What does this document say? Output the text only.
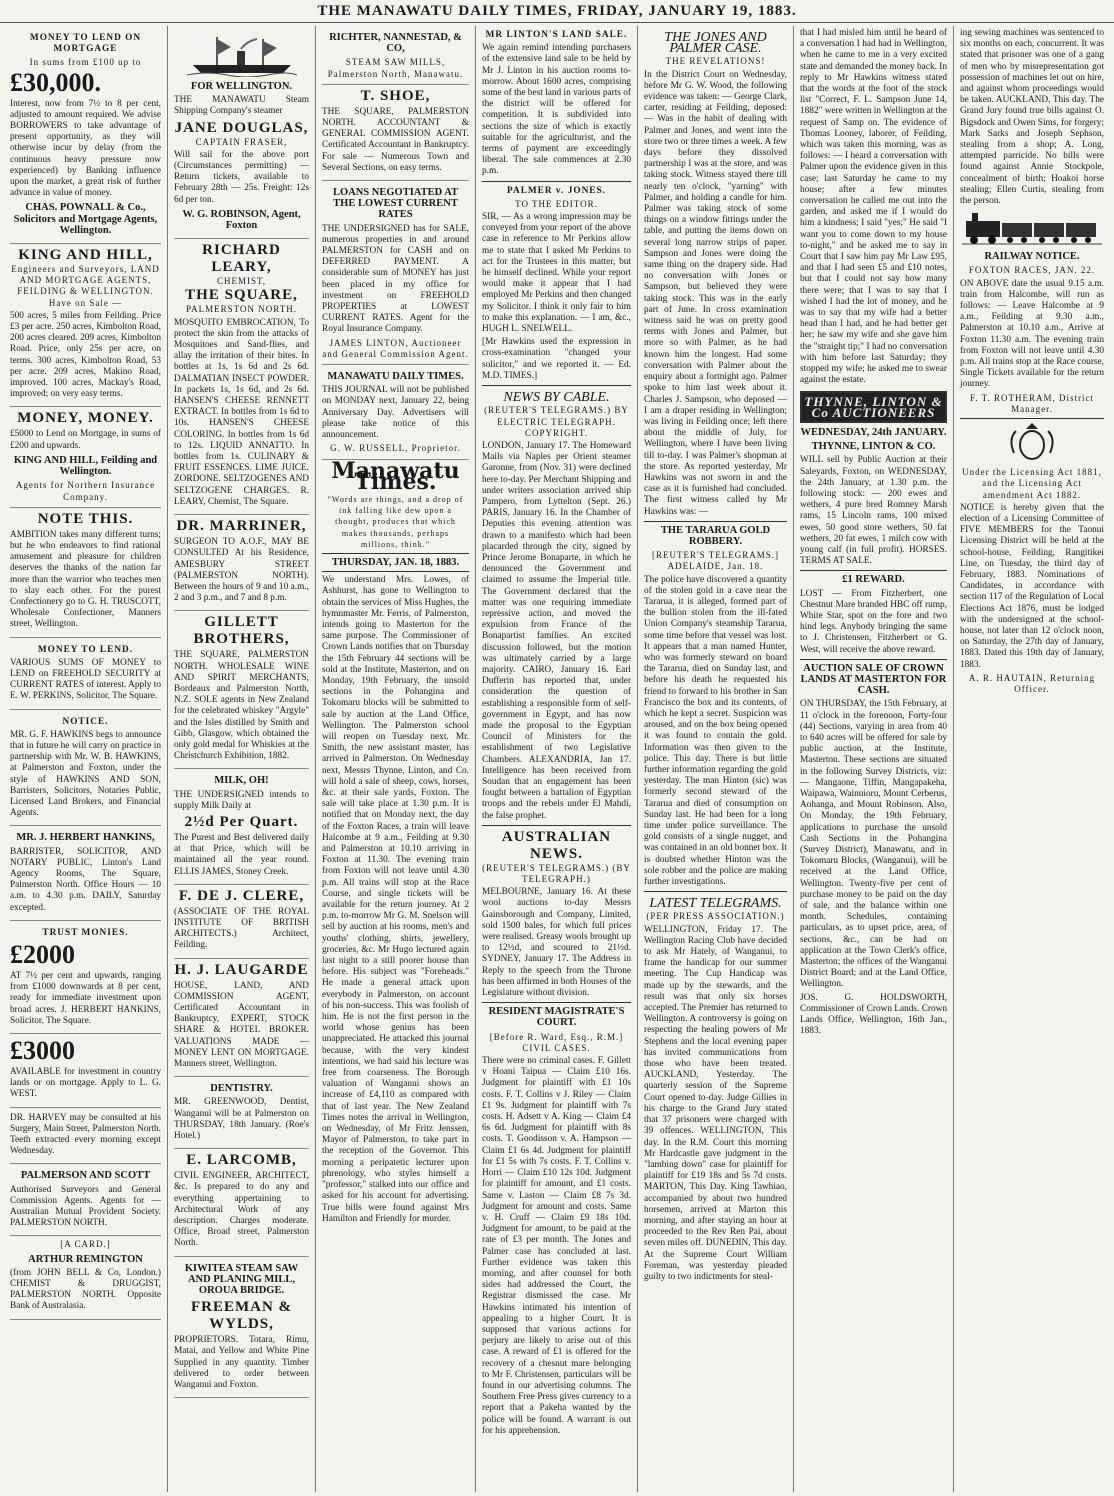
THE MANAWATU DAILY TIMES, FRIDAY, JANUARY 19, 1883.
MONEY TO LEND ON MORTGAGE
In sums from £100 up to
£30,000.

Interest, now from 7½ to 8 per cent, adjusted to amount required. We advise BORROWERS to take advantage of present opportunity, as they will otherwise incur by delay (from the continuous heavy pressure now experienced) by Banking influence upon the market, a great risk of further advance in value of money.

CHAS. POWNALL & Co., Solicitors and Mortgage Agents, Wellington.
KING AND HILL,
Engineers and Surveyors, LAND AND MORTGAGE AGENTS, FEILDING & WELLINGTON. Have on Sale —

500 acres, 5 miles from Feilding. Price £3 per acre. 250 acres, Kimbolton Road, 200 acres cleared. 209 acres, Kimbolton Road. Price, only 25s per acre, on terms. 300 acres, Kimbolton Road, 53 per acre. 209 acres, Makino Road, improved. 100 acres, Mackay's Road, improved; on very easy terms.

MONEY, MONEY.

£5000 to Lend on Mortgage, in sums of £200 and upwards.

KING AND HILL, Feilding and Wellington.
Agents for Northern Insurance Company.
NOTE THIS.

AMBITION takes many different turns; but he who endeavors to find rational amusement and pleasure for children deserves the thanks of the nation far more than the warrior who teaches men to slay each other. For the purest Confectionery go to G. H. TRUSCOTT, Wholesale Confectioner, Manners street, Wellington.

MONEY TO LEND.

VARIOUS SUMS OF MONEY to LEND on FREEHOLD SECURITY at CURRENT RATES of interest. Apply to E. W. PERKINS, Solicitor, The Square.

NOTICE.

MR. G. F. HAWKINS begs to announce that in future he will carry on practice in partnership with Mr. W. B. HAWKINS, at Palmerston and Foxton, under the style of HAWKINS AND SON, Barristers, Solicitors, Notaries Public, Licensed Land Brokers, and Financial Agents.

MR. J. HERBERT HANKINS,

BARRISTER, SOLICITOR, AND NOTARY PUBLIC, Linton's Land Agency Rooms, The Square, Palmerston North. Office Hours — 10 a.m. to 4.30 p.m. DAILY, Saturday excepted.

TRUST MONIES.
£2000

AT 7½ per cent and upwards, ranging from £1000 downwards at 8 per cent, ready for immediate investment upon broad acres. J. HERBERT HANKINS, Solicitor, The Square.

£3000

AVAILABLE for investment in country lands or on mortgage. Apply to L. G. WEST.

DR. HARVEY may be consulted at his Surgery, Main Street, Palmerston North. Teeth extracted every morning except Wednesday.

PALMERSON AND SCOTT

Authorised Surveyors and General Commission Agents. Agents for — Australian Mutual Provident Society. PALMERSTON NORTH.

[A CARD.]
ARTHUR REMINGTON

(from JOHN BELL & Co, London.) CHEMIST & DRUGGIST, PALMERSTON NORTH. Opposite Bank of Australasia.

FOR WELLINGTON.

THE MANAWATU Steam Shipping Company's steamer

JANE DOUGLAS,
CAPTAIN FRASER,

Will sail for the above port (Circumstances permitting) — Return tickets, available to February 28th — 25s. Freight: 12s 6d per ton.

W. G. ROBINSON, Agent, Foxton
RICHARD LEARY,
CHEMIST,
THE SQUARE,
PALMERSTON NORTH.

MOSQUITO EMBROCATION, To protect the skin from the attacks of Mosquitoes and Sand-flies, and allay the irritation of their bites. In bottles at 1s, 1s 6d and 2s 6d. DALMATIAN INSECT POWDER. In packets 1s, 1s 6d, and 2s 6d. HANSEN'S CHEESE RENNETT EXTRACT. In bottles from 1s 6d to 10s. HANSEN'S CHEESE COLORING. In bottles from 1s 6d to 12s. LIQUID ANNATTO. In bottles from 1s. CULINARY & FRUIT ESSENCES. LIME JUICE. ZORDONE. SELTZOGENES AND SELTZOGENE CHARGES. R. LEARY, Chemist, The Square.

DR. MARRINER,

SURGEON TO A.O.F., MAY BE CONSULTED At his Residence, AMESBURY STREET (PALMERSTON NORTH). Between the hours of 9 and 10 a.m., 2 and 3 p.m., and 7 and 8 p.m.

GILLETT BROTHERS,

THE SQUARE, PALMERSTON NORTH. WHOLESALE WINE AND SPIRIT MERCHANTS, Bordeaux and Palmerston North, N.Z. SOLE agents in New Zealand for the celebrated whiskey "Argyle" and the Isles distilled by Smith and Gibb, Glasgow, which obtained the only gold medal for Whiskies at the Christchurch Exhibition, 1882.

MILK, OH!

THE UNDERSIGNED intends to supply Milk Daily at

2½d Per Quart.

The Purest and Best delivered daily at that Price, which will be maintained all the year round. ELLIS JAMES, Stoney Creek.

F. DE J. CLERE,

(ASSOCIATE OF THE ROYAL INSTITUTE OF BRITISH ARCHITECTS.) Architect, Feilding.

H. J. LAUGARDE

HOUSE, LAND, AND COMMISSION AGENT, Certificated Accountant in Bankruptcy, EXPERT, STOCK SHARE & HOTEL BROKER. VALUATIONS MADE — MONEY LENT ON MORTGAGE. Manners street, Wellington.

DENTISTRY.

MR. GREENWOOD, Dentist, Wanganui will be at Palmerston on THURSDAY, 18th January. (Roe's Hotel.)

E. LARCOMB,

CIVIL ENGINEER, ARCHITECT, &c. Is prepared to do any and everything appertaining to Architectural Work of any description. Charges moderate. Office, Broad street, Palmerston North.

KIWITEA STEAM SAW AND PLANING MILL, OROUA BRIDGE.
FREEMAN & WYLDS,

PROPRIETORS. Totara, Rimu, Matai, and Yellow and White Pine Supplied in any quantity. Timber delivered to order between Wanganui and Foxton.

RICHTER, NANNESTAD, & CO,
STEAM SAW MILLS, Palmerston North, Manawatu.
T. SHOE,

THE SQUARE, PALMERSTON NORTH. ACCOUNTANT & GENERAL COMMISSION AGENT. Certificated Accountant in Bankruptcy. For sale — Numerous Town and Several Sections, on easy terms.

LOANS NEGOTIATED AT THE LOWEST CURRENT RATES

THE UNDERSIGNED has for SALE, numerous properties in and around PALMERSTON for CASH and on DEFERRED PAYMENT. A considerable sum of MONEY has just been placed in my office for investment on FREEHOLD PROPERTIES at LOWEST CURRENT RATES. Agent for the Royal Insurance Company.

JAMES LINTON, Auctioneer and General Commission Agent.
MANAWATU DAILY TIMES.

THIS JOURNAL will not be published on MONDAY next, January 22, being Anniversary Day. Advertisers will please take notice of this announcement.

G. W. RUSSELL, Proprietor.
Manawatu Times.
"Words are things, and a drop of ink falling like dew upon a thought, produces that which makes thousands, perhaps millions, think."
THURSDAY, JAN. 18, 1883.

We understand Mrs. Lowes, of Ashhurst, has gone to Wellington to obtain the services of Miss Hughes, the hymnmaster Mr. Ferris, of Palmerston, intends going to Masterton for the same purpose. The Commissioner of Crown Lands notifies that on Thursday the 15th February 44 sections will be sold at the Institute, Masterton, and on Monday, 19th February, the unsold sections in the Pohangina and Tokomaru blocks will be submitted to sale by auction at the Land Office, Wellington. The Palmerston school will reopen on Tuesday next. Mr. Smith, the new assistant master, has arrived in Palmerston. On Wednesday next, Messrs Thynne, Linton, and Co. will hold a sale of sheep, cows, horses, &c. at their sale yards, Foxton. The sale will take place at 1.30 p.m. It is notified that on Monday next, the day of the Foxton Races, a train will leave Halcombe at 9 a.m., Feilding at 9.30 and Palmerston at 10.10 arriving in Foxton at 11.30. The evening train from Foxton will not leave until 4.30 p.m. All trains will stop at the Race Course, and single tickets will be available for the return journey. At 2 p.m. to-morrow Mr G. M. Snelson will sell by auction at his rooms, men's and youths' clothing, shirts, jewellery, groceries, &c. Mr Hugo lectured again last night to a still poorer house than before. His subject was "Foreheads." He made a general attack upon everybody in Palmerston, on account of his non-success. This was foolish of him. He is not the first person in the world whose genius has been unappreciated. He attacked this journal because, with the very kindest intentions, we had said his lecture was free from coarseness. The Borough valuation of Wanganui shows an increase of £4,110 as compared with that of last year. The New Zealand Times notes the arrival in Wellington, on Wednesday, of Mr Fritz Jenssen, Mayor of Palmerston, to take part in the reception of the Governor. This morning a peripatetic lecturer upon phrenology, who styles himself a "professor," stalked into our office and asked for his account for advertising. True bills were found against Mrs Hamilton and Friendly for murder.

MR LINTON'S LAND SALE.

We again remind intending purchasers of the extensive land sale to be held by Mr J. Linton in his auction rooms to-morrow. About 1600 acres, comprising some of the best land in various parts of the district will be offered for competition. It is subdivided into sections the size of which is exactly suitable for the agriculturist, and the terms of payment are exceedingly liberal. The sale commences at 2.30 p.m.

PALMER v. JONES.
TO THE EDITOR.

SIR, — As a wrong impression may be conveyed from your report of the above case in reference to Mr Perkins allow me to state that I asked Mr Perkins to act for the Trustees in this matter, but he himself declined. While your report would make it appear that I had employed Mr Perkins and then changed my Solicitor. I think it only fair to him to make this explanation. — I am, &c., HUGH L. SNELWELL.

[Mr Hawkins used the expression in cross-examination "changed your solicitor," and we reported it. — Ed. M.D. TIMES.]

NEWS BY CABLE.
(REUTER'S TELEGRAMS.) BY ELECTRIC TELEGRAPH. COPYRIGHT.

LONDON, January 17. The Homeward Mails via Naples per Orient steamer Garonne, from (Nov. 31) were declined here to-day. Per Merchant Shipping and under writers association arrived ship Pampero, from Lyttelton (Sept. 26.) PARIS, January 16. In the Chamber of Deputies this evening attention was drawn to a manifesto which had been placarded through the city, signed by Prince Jerome Bonaparte, in which he denounced the Government and claimed to assume the Imperial title. The Government declared that the matter was one requiring immediate repressive action, and moved the expulsion from France of the Bonapartist families. An excited discussion followed, but the motion was ultimately carried by a large majority. CAIRO, January 16. Earl Dufferin has reported that, under consideration the question of establishing a responsible form of self-government in Egypt, and has now made the proposal to the Egyptian Council of Ministers for the establishment of two Legislative Chambers. ALEXANDRIA, Jan 17. Intelligence has been received from Soudan that an engagement has been fought between a battalion of Egyptian troops and the rebels under El Mahdi, the false prophet.

AUSTRALIAN NEWS.
(REUTER'S TELEGRAMS.) (BY TELEGRAPH.)

MELBOURNE, January 16. At these wool auctions to-day Messrs Gainsborough and Company, Limited, sold 1500 bales, for which full prices were realised. Greasy wools brought up to 12½d, and scoured to 21½d. SYDNEY, January 17. The Address in Reply to the speech from the Throne has been affirmed in both Houses of the Legislature without division.

RESIDENT MAGISTRATE'S COURT.
[Before R. Ward, Esq., R.M.] CIVIL CASES.

There were no criminal cases. F. Gillett v Hoani Taipua — Claim £10 16s. Judgment for plaintiff with £1 10s costs. F. T. Collins v J. Riley — Claim £1 9s. Judgment for plaintiff with 7s costs. H. Adsett v A. King — Claim £4 6s 6d. Judgment for plaintiff with 8s costs. T. Goodisson v. A. Hampson — Claim £1 6s 4d. Judgment for plaintiff for £1 5s with 7s costs. F. T. Collins v. Horri — Claim £10 12s 10d. Judgment for plaintiff for amount, and £1 costs. Same v. Laston — Claim £8 7s 3d. Judgment for amount and costs. Same v. H. Cruff — Claim £9 18s 10d. Judgment for amount, to be paid at the rate of £3 per month. The Jones and Palmer case has concluded at last. Further evidence was taken this morning, and after counsel for both sides had addressed the Court, the Registrar dismissed the case. Mr Hawkins intimated his intention of appealing to a higher Court. It is supposed that various actions for perjury are likely to arise out of this case. A reward of £1 is offered for the recovery of a chesnut mare belonging to Mr F. Christensen, particulars will be found in our advertising columns. The Southern Free Press gives currency to a report that a Pakeha wanted by the police will be found. A warrant is out for his apprehension.

THE JONES AND PALMER CASE.
THE REVELATIONS!

In the District Court on Wednesday, before Mr G. W. Wood, the following evidence was taken: — George Clark, carter, residing at Feilding, deposed: — Was in the habit of dealing with Palmer and Jones, and went into the store two or three times a week. A few days before they dissolved partnership I was at the store, and was taking stock. Witness stayed there till nearly ten o'clock, "yarning" with Palmer, and holding a candle for him. Palmer was taking stock of some things on a window fittings under the table, and putting the items down on several long narrow strips of paper. Sampson and Jones were doing the same thing on the drapery side. Had no conversation with Jones or Sampson, but believed they were taking stock. This was in the early part of June. In cross examination witness said he was on pretty good terms with Jones and Palmer, but more so with Palmer, as he had known him the longest. Had some conversation with Palmer about the enquiry about a fortnight ago. Palmer spoke to him last week about it. Charles J. Sampson, who deposed — I am a draper residing in Wellington; was living in Feilding once; left there about the middle of July, for Wellington, where I have been living till to-day. I was Palmer's shopman at the store. As reported yesterday, Mr Hawkins was not sworn in and the case as it is furnished had concluded. The first witness called by Mr Hawkins was: —

THE TARARUA GOLD ROBBERY.
[REUTER'S TELEGRAMS.] ADELAIDE, Jan. 18.

The police have discovered a quantity of the stolen gold in a cave near the Tararua, it is alleged, formed part of the bullion stolen from the ill-fated Union Company's steamship Tararua, some time before that vessel was lost. It appears that a man named Hunter, who was formerly steward on board the Tararua, died on Sunday last, and before his death he requested his friend to forward to his brother in San Francisco the box and its contents, of which he kept a secret. Suspicion was aroused, and on the box being opened it was found to contain the gold. Information was then given to the police. This day. There is but little further information regarding the gold yesterday. The man Hinton (sic) was formerly second steward of the Tararua and died of consumption on Sunday last. He had been for a long time under police surveillance. The gold consists of a single nugget, and was contained in an old bonnet box. It is doubted whether Hinton was the sole robber and the police are making further investigations.

LATEST TELEGRAMS.
(PER PRESS ASSOCIATION.)

WELLINGTON, Friday 17. The Wellington Racing Club have decided to ask Mr Hately, of Wanganui, to frame the handicap for our summer meeting. The Cup Handicap was made up by the stewards, and the result was that only six horses accepted. The Premier has returned to Wellington. A controversy is going on respecting the healing powers of Mr Stephens and the local evening paper has invited communications from those who have been treated. AUCKLAND, Yesterday. The quarterly session of the Supreme Court opened to-day. Judge Gillies in his charge to the Grand Jury stated that 37 prisoners were charged with 39 offences. WELLINGTON, This day. In the R.M. Court this morning Mr Hardcastle gave judgment in the "lambing down" case for plaintiff for plaintiff for £19 18s and 5s 7d costs. MARTON, This Day. King Tawhiao, accompanied by about two hundred horsemen, arrived at Marton this morning, and after staying an hour at proceeded to the Rev Ren Pai, about seven miles off. DUNEDIN, This day. At the Supreme Court William Foreman, was yesterday pleaded guilty to two indictments for steal-

that I had misled him until he heard of a conversation I had had in Wellington, when he came to me in a very excited state and demanded the money back. In reply to Mr Hawkins witness stated that the words at the foot of the stock list "Correct, F. L. Sampson June 14, 1882" were written in Wellington at the request of Samp on. The evidence of Thomas Looney, laborer, of Feilding, which was taken this morning, was as follows: — I heard a conversation with Palmer upon the evidence given in this case; last Saturday he came to my house; after a few minutes conversation he called me out into the garden, and asked me if I would do him a kindness; I said "yes;" He said "I want you to come down to my house to-night," and he asked me to say in Court that I saw him pay Mr Law £95, and that I had seen £5 and £10 notes, but that I could not say how many there were; that I was to say that I wished I had the lot of money, and he was to say that my wife had a better head than I had, and he had better get her; he saw my wife and she gave him the "straight tip;" I had no conversation with him before last Saturday; they stopped my wife; he asked me to swear against the estate.

THYNNE, LINTON & Co AUCTIONEERS
WEDNESDAY, 24th JANUARY.
THYNNE, LINTON & CO.

WILL sell by Public Auction at their Saleyards, Foxton, on WEDNESDAY, the 24th January, at 1.30 p.m. the following stock: — 200 ewes and wethers, 4 pure bred Romney Marsh rams, 15 Lincoln rams, 100 mixed ewes, 50 good store wethers, 50 fat wethers, 20 fat ewes, 1 milch cow with young calf (in full profit). HORSES. TERMS AT SALE.

£1 REWARD.

LOST — From Fitzherbert, one Chestnut Mare branded HBC off rump, White Star, spot on the fore and two hind legs. Anybody bringing the same to J. Christensen, Fitzherbert or G. West, will receive the above reward.

AUCTION SALE OF CROWN LANDS AT MASTERTON FOR CASH.

ON THURSDAY, the 15th February, at 11 o'clock in the forenoon, Forty-four (44) Sections, varying in area from 40 to 640 acres will be offered for sale by public auction, at the Institute, Masterton. These sections are situated in the following Survey Districts, viz: — Mangaone, Tiffin, Mangapakeha, Waipawa, Wainuioru, Mount Cerberus, Aohanga, and Mount Robinson. Also, On Monday, the 19th February, applications to purchase the unsold Cash Sections in the Pohangina (Survey District), Manawatu, and in Tokomaru Blocks, (Wanganui), will be received at the Land Office, Wellington. Twenty-five per cent of purchase money to be paid on the day of sale, and the balance within one month. Schedules, containing particulars, as to upset price, area, of sections, &c., can be had on application at the Town Clerk's office, Masterton; the offices of the Wanganui District Board; and at the Land Office, Wellington.

JOS. G. HOLDSWORTH, Commissioner of Crown Lands. Crown Lands Office, Wellington, 16th Jan., 1883.

ing sewing machines was sentenced to six months on each, concurrent. It was stated that prisoner was one of a gang of men who by misrepresentation got possession of machines let out on hire, and against whom proceedings would be taken. AUCKLAND, This day. The Grand Jury found true bills against O. Bigsdock and Owen Sims, for forgery; Mark Sarks and Joseph Sephson, stealing from a shop; A. Long, attempted parricide. No bills were found against Annie Stockpole, concealment of birth; Hoakoi horse stealing; Ellen Curtis, stealing from the person.

RAILWAY NOTICE.
FOXTON RACES, JAN. 22.

ON ABOVE date the usual 9.15 a.m. train from Halcombe, will run as follows: — Leave Halcombe at 9 a.m., Feilding at 9.30 a.m., Palmerston at 10.10 a.m., Arrive at Foxton 11.30 a.m. The evening train from Foxton will not leave until 4.30 p.m. All trains stop at the Race course, Single Tickets available for the return journey.

F. T. ROTHERAM, District Manager.
Under the Licensing Act 1881, and the Licensing Act amendment Act 1882.

NOTICE is hereby given that the election of a Licensing Committee of FIVE MEMBERS for the Taonui Licensing District will be held at the school-house, Feilding, Rangitikei Line, on Tuesday, the third day of February, 1883. Nominations of Candidates, in accordance with section 117 of the Regulation of Local Elections Act 1876, must be lodged with the undersigned at the school-house, not later than 12 o'clock noon, on Saturday, the 27th day of January, 1883. Dated this 19th day of January, 1883.

A. R. HAUTAIN, Returning Officer.
